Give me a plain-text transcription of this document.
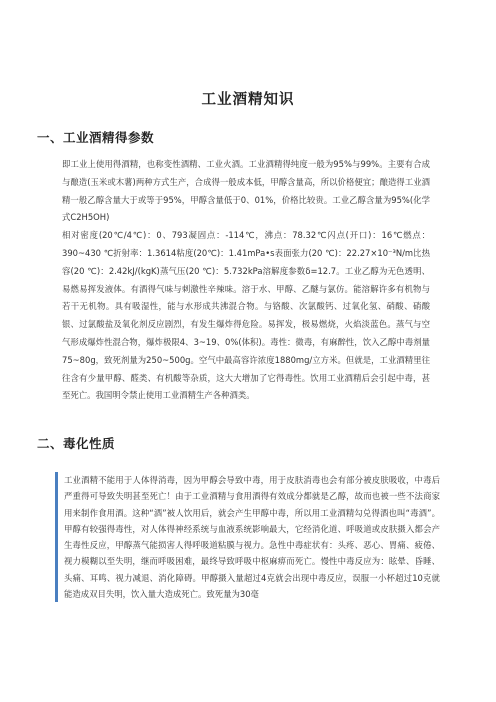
工业酒精知识
一、工业酒精得参数

即工业上使用得酒精，也称变性酒精、工业火酒。工业酒精得纯度一般为95%与99%。主要有合成与酿造(玉米或木薯)两种方式生产，合成得一般成本低，甲醇含量高，所以价格便宜；酿造得工业酒精一般乙醇含量大于或等于95%，甲醇含量低于0、01%，价格比较贵。工业乙醇含量为95%(化学式C2H5OH)

相对密度(20℃/4℃)：0、793凝固点：-114℃，沸点：78.32℃闪点(开口)：16℃燃点：390~430 ℃折射率：1.3614粘度(20℃)：1.41mPa•s表面张力(20 ℃)：22.27×10⁻³N/m比热容(20 ℃)：2.42kJ/(kgK)蒸气压(20 ℃)：5.732kPa溶解度参数δ=12.7。工业乙醇为无色透明、易燃易挥发液体。有酒得气味与刺激性辛辣味。溶于水、甲醇、乙醚与氯仿。能溶解许多有机物与若干无机物。具有吸湿性，能与水形成共沸混合物。与铬酸、次氯酸钙、过氧化氢、硝酸、硝酸银、过氯酸盐及氧化剂反应剧烈，有发生爆炸得危险。易挥发，极易燃烧，火焰淡蓝色。蒸气与空气形成爆炸性混合物，爆炸极限4、3~19、0%(体积)。毒性：微毒，有麻醉性，饮入乙醇中毒剂量75~80g，致死剂量为250~500g。空气中最高容许浓度1880mg/立方米。但就是，工业酒精里往往含有少量甲醇、醛类、有机酸等杂质，这大大增加了它得毒性。饮用工业酒精后会引起中毒，甚至死亡。我国明令禁止使用工业酒精生产各种酒类。

二、毒化性质

工业酒精不能用于人体得消毒，因为甲醇会导致中毒，用于皮肤消毒也会有部分被皮肤吸收，中毒后严重得可导致失明甚至死亡！由于工业酒精与食用酒得有效成分都就是乙醇，故而也被一些不法商家用来制作食用酒。这种“酒”被人饮用后，就会产生甲醇中毒，所以用工业酒精勾兑得酒也叫“毒酒”。甲醇有较强得毒性，对人体得神经系统与血液系统影响最大，它经消化道、呼吸道或皮肤摄入都会产生毒性反应，甲醇蒸气能损害人得呼吸道粘膜与视力。急性中毒症状有：头疼、恶心、胃痛、疲倦、视力模糊以至失明，继而呼吸困难，最终导致呼吸中枢麻痹而死亡。慢性中毒反应为：眩晕、昏睡、头痛、耳鸣、视力减退、消化障碍。甲醇摄入量超过4克就会出现中毒反应，误服一小杯超过10克就能造成双目失明，饮入量大造成死亡。致死量为30毫
